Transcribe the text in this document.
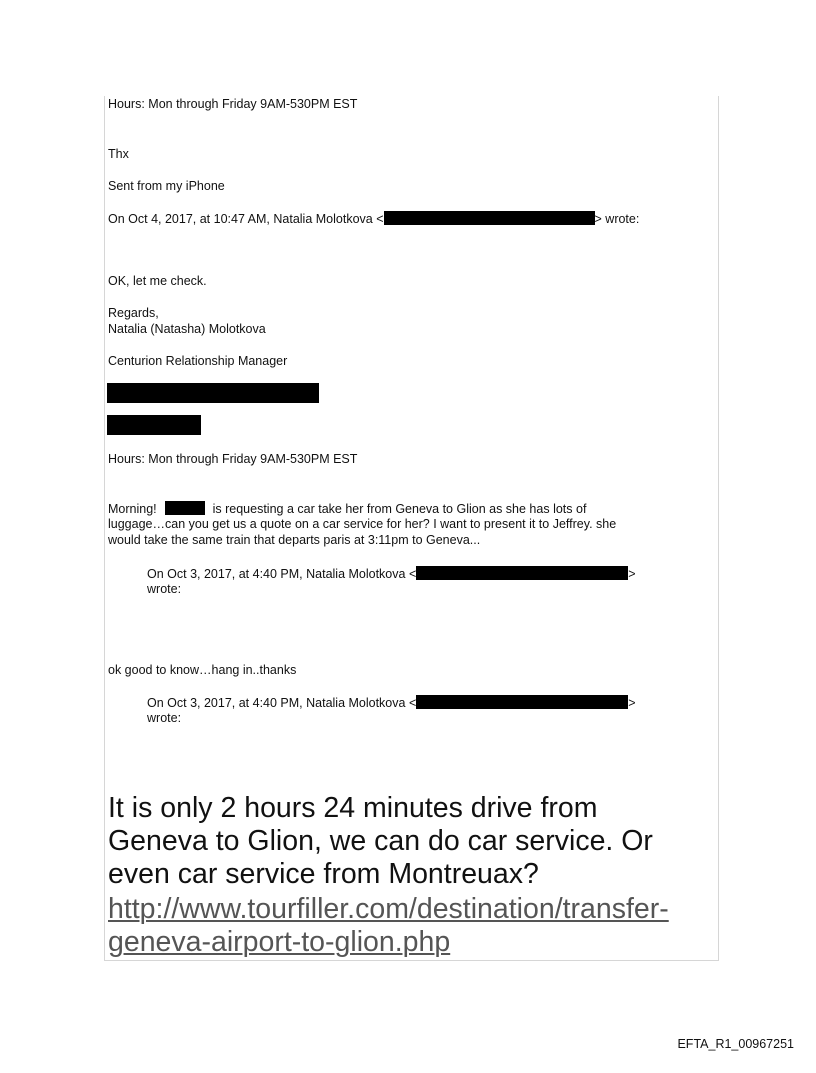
Hours: Mon through Friday 9AM-530PM EST
Thx
Sent from my iPhone
On Oct 4, 2017, at 10:47 AM, Natalia Molotkova <	> wrote:
OK, let me check.
Regards,
Natalia (Natasha) Molotkova
Centurion Relationship Manager
Hours: Mon through Friday 9AM-530PM EST
Morning!	is requesting a car take her from Geneva to Glion as she has lots of
luggage…can you get us a quote on a car service for her? I want to present it to Jeffrey. she
would take the same train that departs paris at 3:11pm to Geneva...
On Oct 3, 2017, at 4:40 PM, Natalia Molotkova <	>
wrote:
ok good to know…hang in..thanks
On Oct 3, 2017, at 4:40 PM, Natalia Molotkova <	>
wrote:
It is only 2 hours 24 minutes drive from
Geneva to Glion, we can do car service. Or
even car service from Montreuax?
http://www.tourfiller.com/destination/transfer-
geneva-airport-to-glion.php
EFTA_R1_00967251
